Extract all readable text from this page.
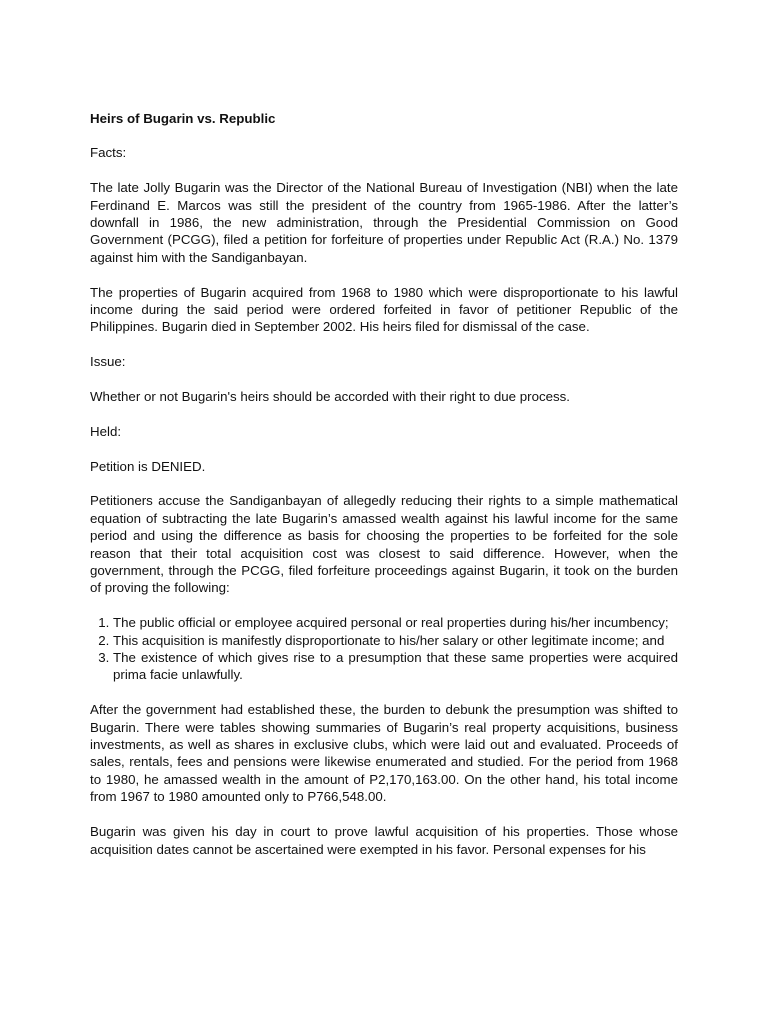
Heirs of Bugarin vs. Republic

Facts:

The late Jolly Bugarin was the Director of the National Bureau of Investigation (NBI) when the late Ferdinand E. Marcos was still the president of the country from 1965-1986. After the latter’s downfall in 1986, the new administration, through the Presidential Commission on Good Government (PCGG), filed a petition for forfeiture of properties under Republic Act (R.A.) No. 1379 against him with the Sandiganbayan.

The properties of Bugarin acquired from 1968 to 1980 which were disproportionate to his lawful income during the said period were ordered forfeited in favor of petitioner Republic of the Philippines. Bugarin died in September 2002. His heirs filed for dismissal of the case.

Issue:

Whether or not Bugarin's heirs should be accorded with their right to due process.

Held:

Petition is DENIED.

Petitioners accuse the Sandiganbayan of allegedly reducing their rights to a simple mathematical equation of subtracting the late Bugarin’s amassed wealth against his lawful income for the same period and using the difference as basis for choosing the properties to be forfeited for the sole reason that their total acquisition cost was closest to said difference. However, when the government, through the PCGG, filed forfeiture proceedings against Bugarin, it took on the burden of proving the following:

1. The public official or employee acquired personal or real properties during his/her incumbency;
2. This acquisition is manifestly disproportionate to his/her salary or other legitimate income; and
3. The existence of which gives rise to a presumption that these same properties were acquired prima facie unlawfully.

After the government had established these, the burden to debunk the presumption was shifted to Bugarin. There were tables showing summaries of Bugarin’s real property acquisitions, business investments, as well as shares in exclusive clubs, which were laid out and evaluated. Proceeds of sales, rentals, fees and pensions were likewise enumerated and studied. For the period from 1968 to 1980, he amassed wealth in the amount of P2,170,163.00. On the other hand, his total income from 1967 to 1980 amounted only to P766,548.00.

Bugarin was given his day in court to prove lawful acquisition of his properties. Those whose acquisition dates cannot be ascertained were exempted in his favor. Personal expenses for his
